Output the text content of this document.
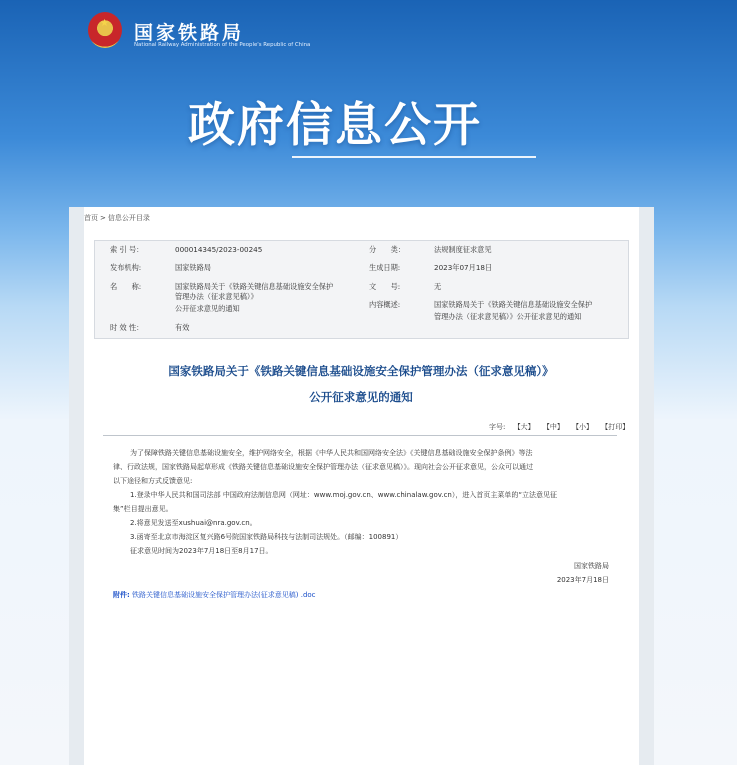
★ 国家铁路局
National Railway Administration of the People's Republic of China
政府信息公开
首页 > 信息公开目录
索 引 号：	000014345/2023-00245	分　　类：	法规制度征求意见
发布机构:	国家铁路局	生成日期:	2023年07月18日
名　　称:	国家铁路局关于《铁路关键信息基础设施安全保护
管理办法（征求意见稿）》
公开征求意见的通知
文　　号:	无
内容概述:	国家铁路局关于《铁路关键信息基础设施安全保护
管理办法（征求意见稿）》公开征求意见的通知
时 效 性：	有效
国家铁路局关于《铁路关键信息基础设施安全保护管理办法（征求意见稿）》
公开征求意见的通知
字号: 【大】 【中】 【小】 【打印】

为了保障铁路关键信息基础设施安全，维护网络安全，根据《中华人民共和国网络安全法》《关键信息基础设施安全保护条例》等法

律、行政法规，国家铁路局起草形成《铁路关键信息基础设施安全保护管理办法（征求意见稿）》。现向社会公开征求意见，公众可以通过

以下途径和方式反馈意见:

1.登录中华人民共和国司法部 中国政府法制信息网（网址：www.moj.gov.cn、www.chinalaw.gov.cn），进入首页主菜单的“立法意见征

集”栏目提出意见。

2.将意见发送至xushuai@nra.gov.cn。

3.函寄至北京市海淀区复兴路6号院国家铁路局科技与法制司法规处。（邮编：100891）

征求意见时间为2023年7月18日至8月17日。

国家铁路局
2023年7月18日
附件: 铁路关键信息基础设施安全保护管理办法(征求意见稿) .doc
